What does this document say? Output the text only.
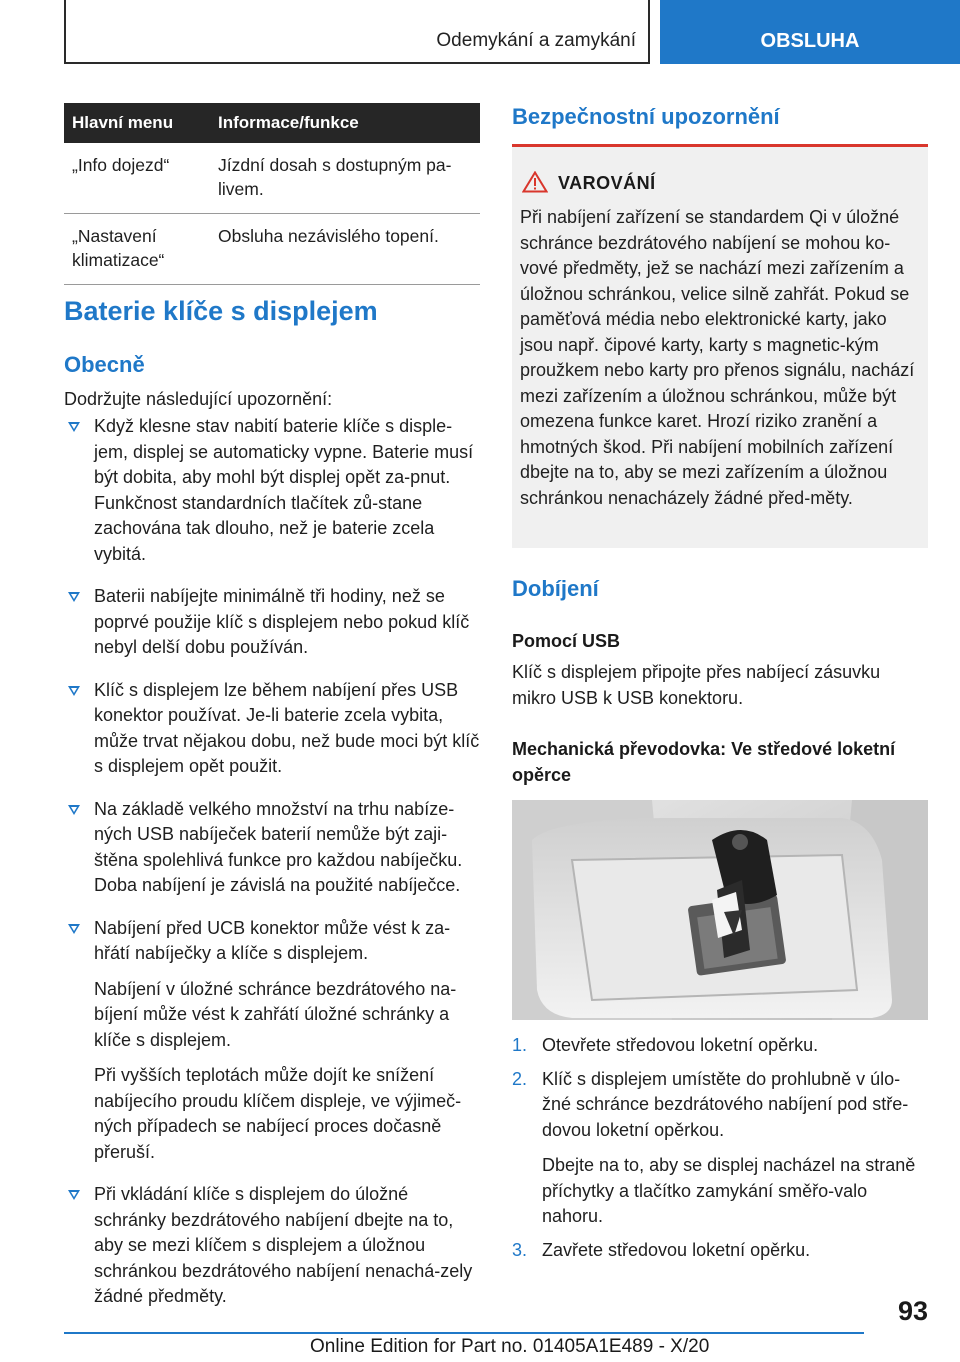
Odemykání a zamykání	OBSLUHA
Hlavní menu	Informace/funkce
„Info dojezd“	Jízdní dosah s dostupným pa-livem.
„Nastavení klimatizace“	Obsluha nezávislého topení.
Baterie klíče s displejem
Obecně
Dodržujte následující upozornění:
Když klesne stav nabití baterie klíče s disple-jem, displej se automaticky vypne. Baterie musí být dobita, aby mohl být displej opět za-pnut. Funkčnost standardních tlačítek zů-stane zachována tak dlouho, než je baterie zcela vybitá.
Baterii nabíjejte minimálně tři hodiny, než se poprvé použije klíč s displejem nebo pokud klíč nebyl delší dobu používán.
Klíč s displejem lze během nabíjení přes USB konektor používat. Je-li baterie zcela vybita, může trvat nějakou dobu, než bude moci být klíč s displejem opět použit.
Na základě velkého množství na trhu nabíze-ných USB nabíječek baterií nemůže být zaji-štěna spolehlivá funkce pro každou nabíječku. Doba nabíjení je závislá na použité nabíječce.
Nabíjení před UCB konektor může vést k za-hřátí nabíječky a klíče s displejem.
Nabíjení v úložné schránce bezdrátového na-bíjení může vést k zahřátí úložné schránky a klíče s displejem.
Při vyšších teplotách může dojít ke snížení nabíjecího proudu klíčem displeje, ve výjimeč-ných případech se nabíjecí proces dočasně přeruší.
Při vkládání klíče s displejem do úložné schránky bezdrátového nabíjení dbejte na to, aby se mezi klíčem s displejem a úložnou schránkou bezdrátového nabíjení nenachá-zely žádné předměty.
Bezpečnostní upozornění
VAROVÁNÍ
Při nabíjení zařízení se standardem Qi v úložné schránce bezdrátového nabíjení se mohou ko-vové předměty, jež se nachází mezi zařízením a úložnou schránkou, velice silně zahřát. Pokud se paměťová média nebo elektronické karty, jako jsou např. čipové karty, karty s magnetic-kým proužkem nebo karty pro přenos signálu, nachází mezi zařízením a úložnou schránkou, může být omezena funkce karet. Hrozí riziko zranění a hmotných škod. Při nabíjení mobilních zařízení dbejte na to, aby se mezi zařízením a úložnou schránkou nenacházely žádné před-měty.
Dobíjení
Pomocí USB
Klíč s displejem připojte přes nabíjecí zásuvku mikro USB k USB konektoru.
Mechanická převodovka: Ve středové loketní opěrce
1. Otevřete středovou loketní opěrku.
2. Klíč s displejem umístěte do prohlubně v úlo-žné schránce bezdrátového nabíjení pod stře-dovou loketní opěrkou.
Dbejte na to, aby se displej nacházel na straně příchytky a tlačítko zamykání směřo-valo nahoru.
3. Zavřete středovou loketní opěrku.
93
Online Edition for Part no. 01405A1E489 - X/20
